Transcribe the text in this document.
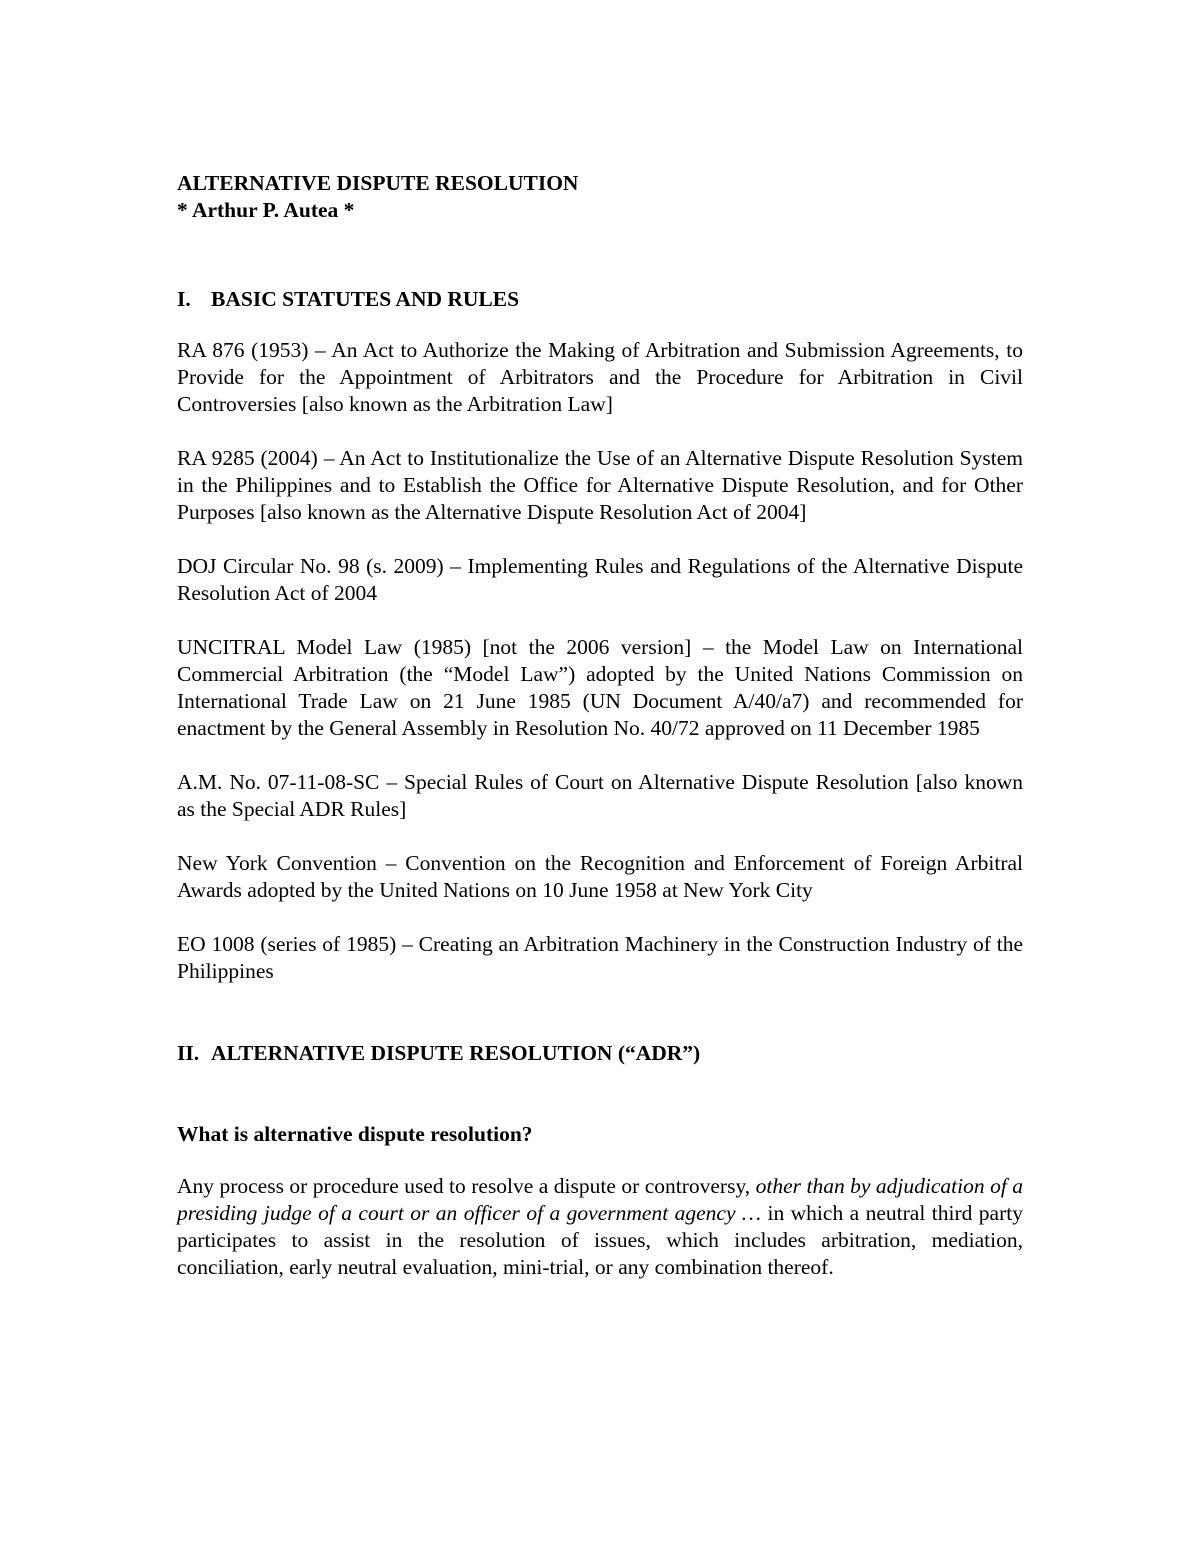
ALTERNATIVE DISPUTE RESOLUTION

* Arthur P. Autea *

I. BASIC STATUTES AND RULES

RA 876 (1953) – An Act to Authorize the Making of Arbitration and Submission Agreements, to Provide for the Appointment of Arbitrators and the Procedure for Arbitration in Civil Controversies [also known as the Arbitration Law]

RA 9285 (2004) – An Act to Institutionalize the Use of an Alternative Dispute Resolution System in the Philippines and to Establish the Office for Alternative Dispute Resolution, and for Other Purposes [also known as the Alternative Dispute Resolution Act of 2004]

DOJ Circular No. 98 (s. 2009) – Implementing Rules and Regulations of the Alternative Dispute Resolution Act of 2004

UNCITRAL Model Law (1985) [not the 2006 version] – the Model Law on International Commercial Arbitration (the “Model Law”) adopted by the United Nations Commission on International Trade Law on 21 June 1985 (UN Document A/40/a7) and recommended for enactment by the General Assembly in Resolution No. 40/72 approved on 11 December 1985

A.M. No. 07-11-08-SC – Special Rules of Court on Alternative Dispute Resolution [also known as the Special ADR Rules]

New York Convention – Convention on the Recognition and Enforcement of Foreign Arbitral Awards adopted by the United Nations on 10 June 1958 at New York City

EO 1008 (series of 1985) – Creating an Arbitration Machinery in the Construction Industry of the Philippines

II. ALTERNATIVE DISPUTE RESOLUTION (“ADR”)

What is alternative dispute resolution?

Any process or procedure used to resolve a dispute or controversy, other than by adjudication of a presiding judge of a court or an officer of a government agency … in which a neutral third party participates to assist in the resolution of issues, which includes arbitration, mediation, conciliation, early neutral evaluation, mini-trial, or any combination thereof.
